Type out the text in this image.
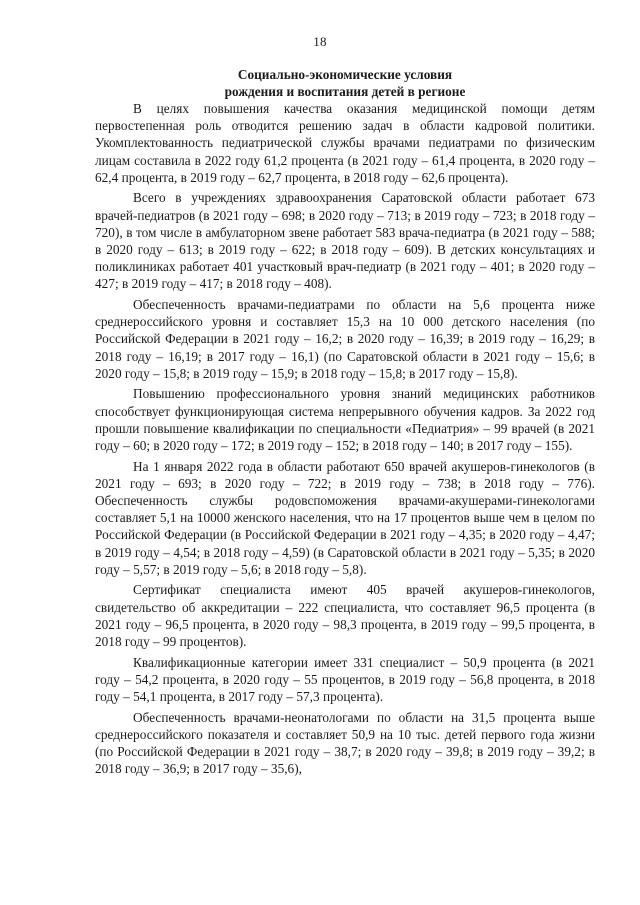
18
Социально-экономические условия
рождения и воспитания детей в регионе

В целях повышения качества оказания медицинской помощи детям первостепенная роль отводится решению задач в области кадровой политики. Укомплектованность педиатрической службы врачами педиатрами по физическим лицам составила в 2022 году 61,2 процента (в 2021 году – 61,4 процента, в 2020 году – 62,4 процента, в 2019 году – 62,7 процента, в 2018 году – 62,6 процента).

Всего в учреждениях здравоохранения Саратовской области работает 673 врачей-педиатров (в 2021 году – 698; в 2020 году – 713; в 2019 году – 723; в 2018 году – 720), в том числе в амбулаторном звене работает 583 врача-педиатра (в 2021 году – 588; в 2020 году – 613; в 2019 году – 622; в 2018 году – 609). В детских консультациях и поликлиниках работает 401 участковый врач-педиатр (в 2021 году – 401; в 2020 году – 427; в 2019 году – 417; в 2018 году – 408).

Обеспеченность врачами-педиатрами по области на 5,6 процента ниже среднероссийского уровня и составляет 15,3 на 10 000 детского населения (по Российской Федерации в 2021 году – 16,2; в 2020 году – 16,39; в 2019 году – 16,29; в 2018 году – 16,19; в 2017 году – 16,1) (по Саратовской области в 2021 году – 15,6; в 2020 году – 15,8; в 2019 году – 15,9; в 2018 году – 15,8; в 2017 году – 15,8).

Повышению профессионального уровня знаний медицинских работников способствует функционирующая система непрерывного обучения кадров. За 2022 год прошли повышение квалификации по специальности «Педиатрия» – 99 врачей (в 2021 году – 60; в 2020 году – 172; в 2019 году – 152; в 2018 году – 140; в 2017 году – 155).

На 1 января 2022 года в области работают 650 врачей акушеров-гинекологов (в 2021 году – 693; в 2020 году – 722; в 2019 году – 738; в 2018 году – 776). Обеспеченность службы родовспоможения врачами-акушерами-гинекологами составляет 5,1 на 10000 женского населения, что на 17 процентов выше чем в целом по Российской Федерации (в Российской Федерации в 2021 году – 4,35; в 2020 году – 4,47; в 2019 году – 4,54; в 2018 году – 4,59) (в Саратовской области в 2021 году – 5,35; в 2020 году – 5,57; в 2019 году – 5,6; в 2018 году – 5,8).

Сертификат специалиста имеют 405 врачей акушеров-гинекологов, свидетельство об аккредитации – 222 специалиста, что составляет 96,5 процента (в 2021 году – 96,5 процента, в 2020 году – 98,3 процента, в 2019 году – 99,5 процента, в 2018 году – 99 процентов).

Квалификационные категории имеет 331 специалист – 50,9 процента (в 2021 году – 54,2 процента, в 2020 году – 55 процентов, в 2019 году – 56,8 процента, в 2018 году – 54,1 процента, в 2017 году – 57,3 процента).

Обеспеченность врачами-неонатологами по области на 31,5 процента выше среднероссийского показателя и составляет 50,9 на 10 тыс. детей первого года жизни (по Российской Федерации в 2021 году – 38,7; в 2020 году – 39,8; в 2019 году – 39,2; в 2018 году – 36,9; в 2017 году – 35,6),
